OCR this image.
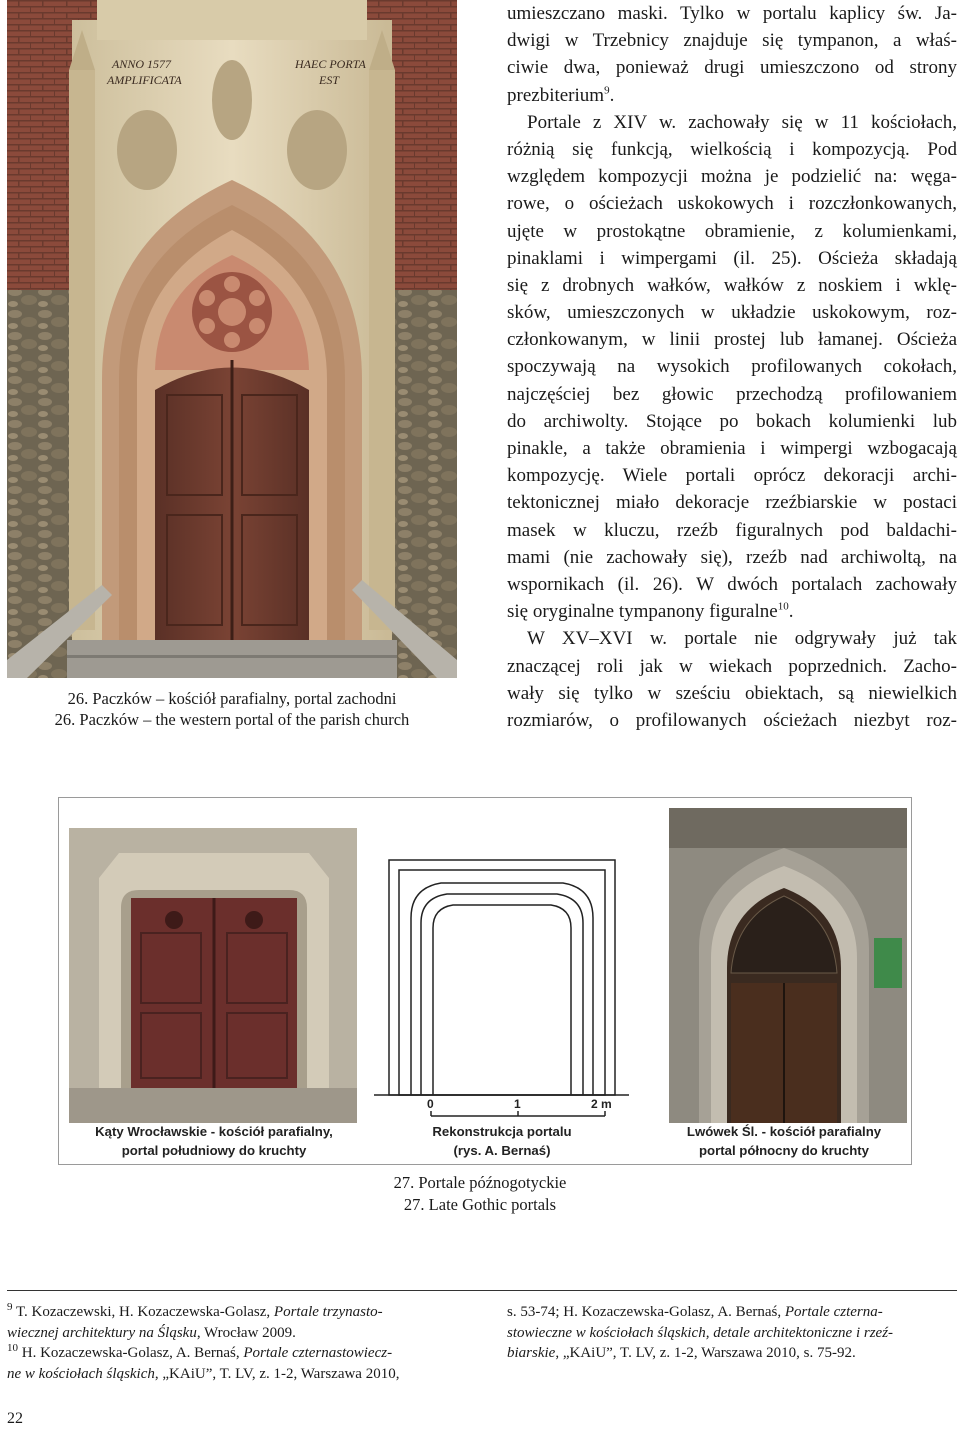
ANNO 1577
AMPLIFICATA
HAEC PORTA
EST
26. Paczków – kościół parafialny, portal zachodni
26. Paczków – the western portal of the parish church
umieszczano maski. Tylko w portalu kaplicy św. Ja-
dwigi w Trzebnicy znajduje się tympanon, a właś-
ciwie dwa, ponieważ drugi umieszczono od strony
prezbiterium$^9$.
Portale z XIV w. zachowały się w 11 kościołach,
różnią się funkcją, wielkością i kompozycją. Pod
względem kompozycji można je podzielić na: węga-
rowe, o ościeżach uskokowych i rozczłonkowanych,
ujęte w prostokątne obramienie, z kolumienkami,
pinaklami i wimpergami (il. 25). Ościeża składają
się z drobnych wałków, wałków z noskiem i wklę-
sków, umieszczonych w układzie uskokowym, roz-
członkowanym, w linii prostej lub łamanej. Ościeża
spoczywają na wysokich profilowanych cokołach,
najczęściej bez głowic przechodzą profilowaniem
do archiwolty. Stojące po bokach kolumienki lub
pinakle, a także obramienia i wimpergi wzbogacają
kompozycję. Wiele portali oprócz dekoracji archi-
tektonicznej miało dekoracje rzeźbiarskie w postaci
masek w kluczu, rzeźb figuralnych pod baldachi-
mami (nie zachowały się), rzeźb nad archiwoltą, na
wspornikach (il. 26). W dwóch portalach zachowały
się oryginalne tympanony figuralne$^{10}$.
W XV–XVI w. portale nie odgrywały już tak
znaczącej roli jak w wiekach poprzednich. Zacho-
wały się tylko w sześciu obiektach, są niewielkich
rozmiarów, o profilowanych ościeżach niezbyt roz-
0	1	2 m
Kąty Wrocławskie - kościół parafialny,
portal południowy do kruchty
Rekonstrukcja portalu
(rys. A. Bernaś)
Lwówek Śl. - kościół parafialny
portal północny do kruchty
27. Portale późnogotyckie
27. Late Gothic portals
$^9$ T. Kozaczewski, H. Kozaczewska-Golasz, Portale trzynasto-
wiecznej architektury na Śląsku, Wrocław 2009.
$^{10}$ H. Kozaczewska-Golasz, A. Bernaś, Portale czternastowiecz-
ne w kościołach śląskich, „KAiU”, T. LV, z. 1-2, Warszawa 2010,
s. 53-74; H. Kozaczewska-Golasz, A. Bernaś, Portale czterna-
stowieczne w kościołach śląskich, detale architektoniczne i rzeź-
biarskie, „KAiU”, T. LV, z. 1-2, Warszawa 2010, s. 75-92.
22
